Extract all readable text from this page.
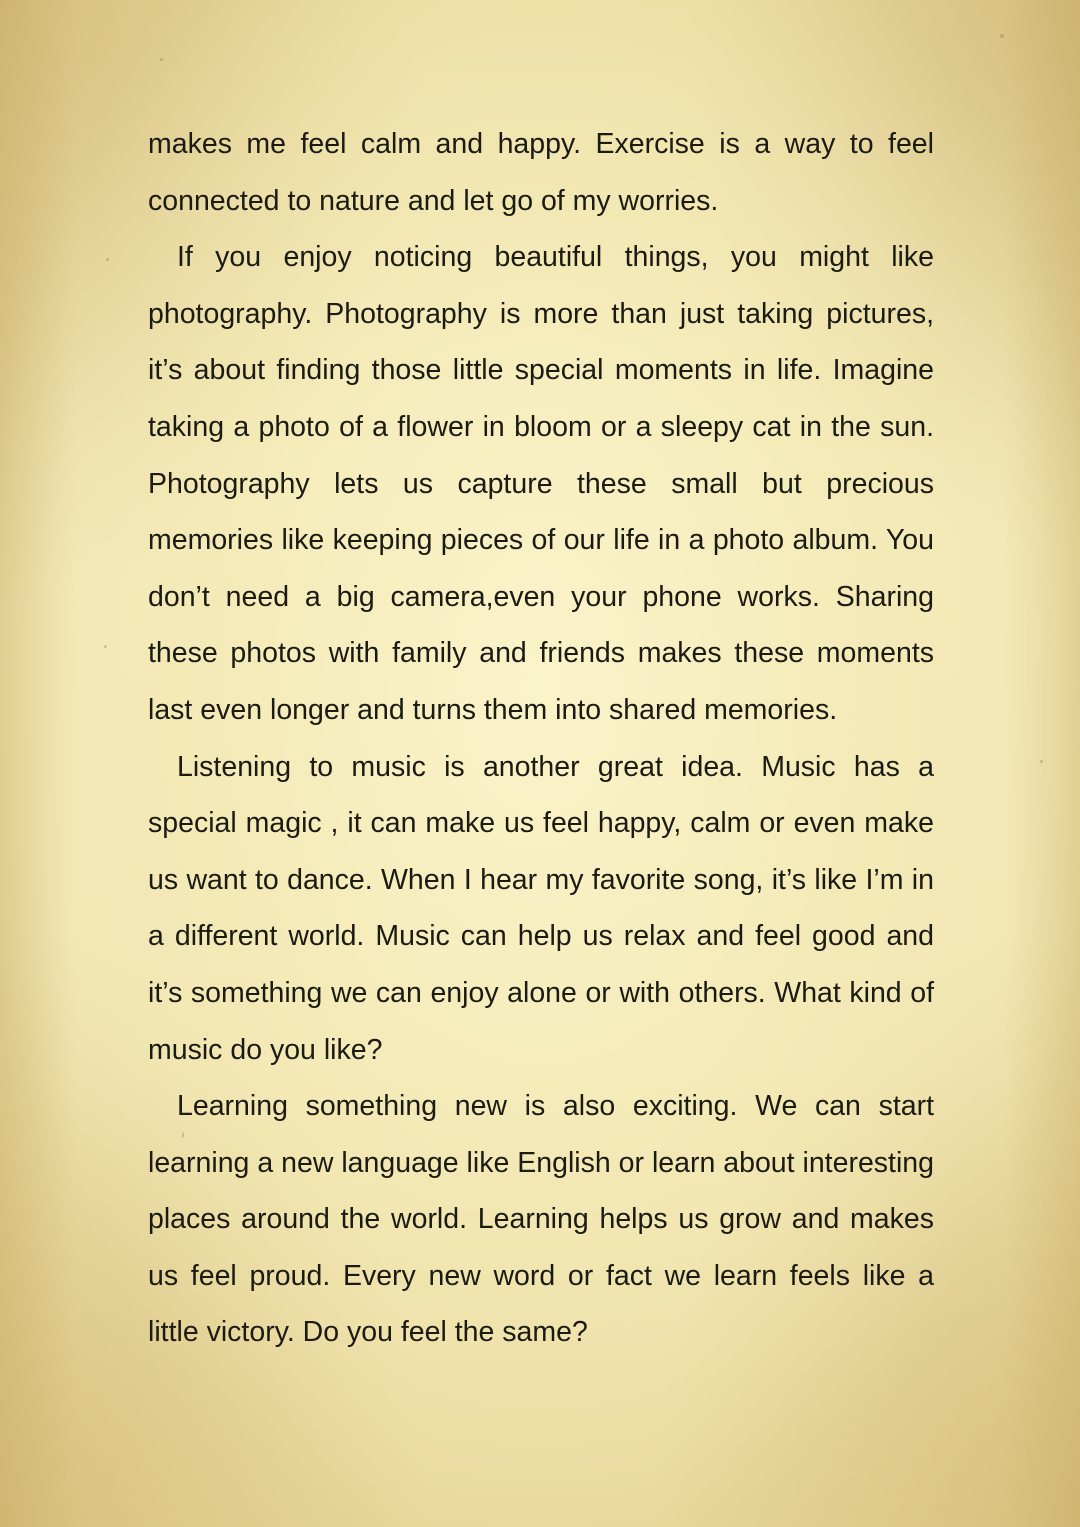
makes me feel calm and happy. Exercise is a way to feel connected to nature and let go of my worries.

If you enjoy noticing beautiful things, you might like photography. Photography is more than just taking pictures, it’s about finding those little special moments in life. Imagine taking a photo of a flower in bloom or a sleepy cat in the sun. Photography lets us capture these small but precious memories like keeping pieces of our life in a photo album. You don’t need a big camera,even your phone works. Sharing these photos with family and friends makes these moments last even longer and turns them into shared memories.

Listening to music is another great idea. Music has a special magic , it can make us feel happy, calm or even make us want to dance. When I hear my favorite song, it’s like I’m in a different world. Music can help us relax and feel good and it’s something we can enjoy alone or with others. What kind of music do you like?

Learning something new is also exciting. We can start learning a new language like English or learn about interesting places around the world. Learning helps us grow and makes us feel proud. Every new word or fact we learn feels like a little victory. Do you feel the same?
